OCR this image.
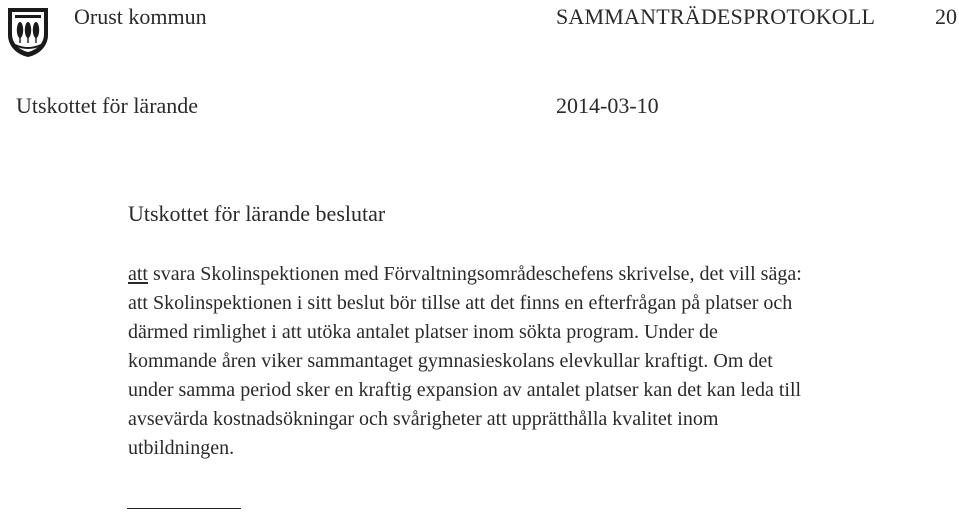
Orust kommun	SAMMANTRÄDESPROTOKOLL	20
Utskottet för lärande	2014-03-10
Utskottet för lärande beslutar
att svara Skolinspektionen med Förvaltningsområdeschefens skrivelse, det vill säga:
att Skolinspektionen i sitt beslut bör tillse att det finns en efterfrågan på platser och
därmed rimlighet i att utöka antalet platser inom sökta program. Under de
kommande åren viker sammantaget gymnasieskolans elevkullar kraftigt. Om det
under samma period sker en kraftig expansion av antalet platser kan det kan leda till
avsevärda kostnadsökningar och svårigheter att upprätthålla kvalitet inom
utbildningen.
